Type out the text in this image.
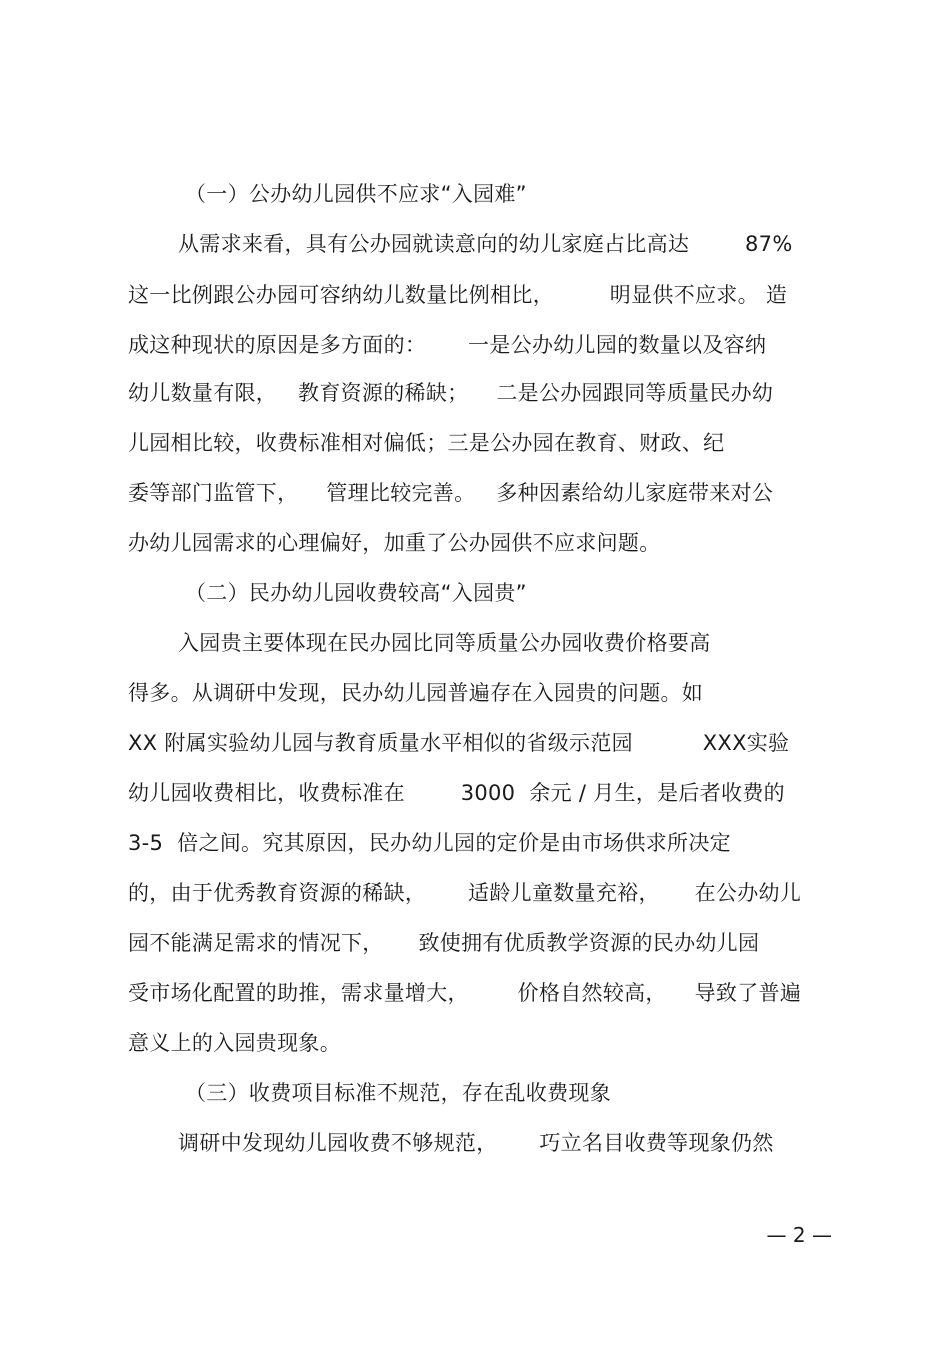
（一）公办幼儿园供不应求“入园难”
从需求来看，具有公办园就读意向的幼儿家庭占比高达        87%
这一比例跟公办园可容纳幼儿数量比例相比，        明显供不应求。 造
成这种现状的原因是多方面的：      一是公办幼儿园的数量以及容纳
幼儿数量有限，   教育资源的稀缺；    二是公办园跟同等质量民办幼
儿园相比较，收费标准相对偏低；三是公办园在教育、财政、纪
委等部门监管下，    管理比较完善。   多种因素给幼儿家庭带来对公
办幼儿园需求的心理偏好，加重了公办园供不应求问题。
（二）民办幼儿园收费较高“入园贵”
入园贵主要体现在民办园比同等质量公办园收费价格要高
得多。从调研中发现，民办幼儿园普遍存在入园贵的问题。如
XX 附属实验幼儿园与教育质量水平相似的省级示范园          XXX实验
幼儿园收费相比，收费标准在        3000  余元 / 月生，是后者收费的
3-5  倍之间。究其原因，民办幼儿园的定价是由市场供求所决定
的，由于优秀教育资源的稀缺，      适龄儿童数量充裕，     在公办幼儿
园不能满足需求的情况下，     致使拥有优质教学资源的民办幼儿园
受市场化配置的助推，需求量增大，       价格自然较高，    导致了普遍
意义上的入园贵现象。
（三）收费项目标准不规范，存在乱收费现象
调研中发现幼儿园收费不够规范，      巧立名目收费等现象仍然
— 2 —
